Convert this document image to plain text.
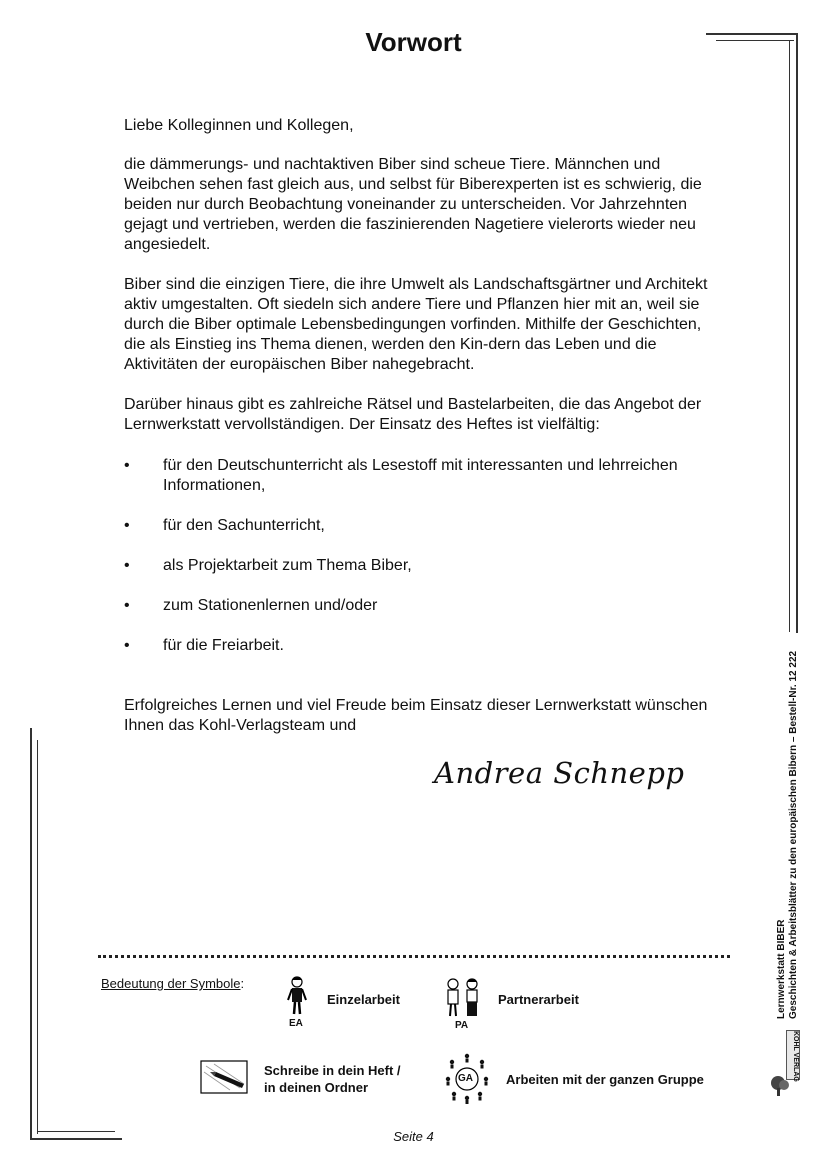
Vorwort
Liebe Kolleginnen und Kollegen,
die dämmerungs- und nachtaktiven Biber sind scheue Tiere. Männchen und Weibchen sehen fast gleich aus, und selbst für Biberexperten ist es schwierig, die beiden nur durch Beobachtung voneinander zu unterscheiden. Vor Jahrzehnten gejagt und vertrieben, werden die faszinierenden Nagetiere vielerorts wieder neu angesiedelt.
Biber sind die einzigen Tiere, die ihre Umwelt als Landschaftsgärtner und Architekt aktiv umgestalten. Oft siedeln sich andere Tiere und Pflanzen hier mit an, weil sie durch die Biber optimale Lebensbedingungen vorfinden. Mithilfe der Geschichten, die als Einstieg ins Thema dienen, werden den Kin-dern das Leben und die Aktivitäten der europäischen Biber nahegebracht.
Darüber hinaus gibt es zahlreiche Rätsel und Bastelarbeiten, die das Angebot der Lernwerkstatt vervollständigen. Der Einsatz des Heftes ist vielfältig:
• für den Deutschunterricht als Lesestoff mit interessanten und lehrreichen Informationen,
• für den Sachunterricht,
• als Projektarbeit zum Thema Biber,
• zum Stationenlernen und/oder
• für die Freiarbeit.
Erfolgreiches Lernen und viel Freude beim Einsatz dieser Lernwerkstatt wünschen Ihnen das Kohl-Verlagsteam und
Andrea Schnepp
Bedeutung der Symbole:
EA
Einzelarbeit
PA
Partnerarbeit
Schreibe in dein Heft /
in deinen Ordner
GA	Arbeiten mit der ganzen Gruppe
Lernwerkstatt BIBER Geschichten & Arbeitsblätter zu den europäischen Bibern – Bestell-Nr. 12 222
KOHL VERLAG
Seite 4
